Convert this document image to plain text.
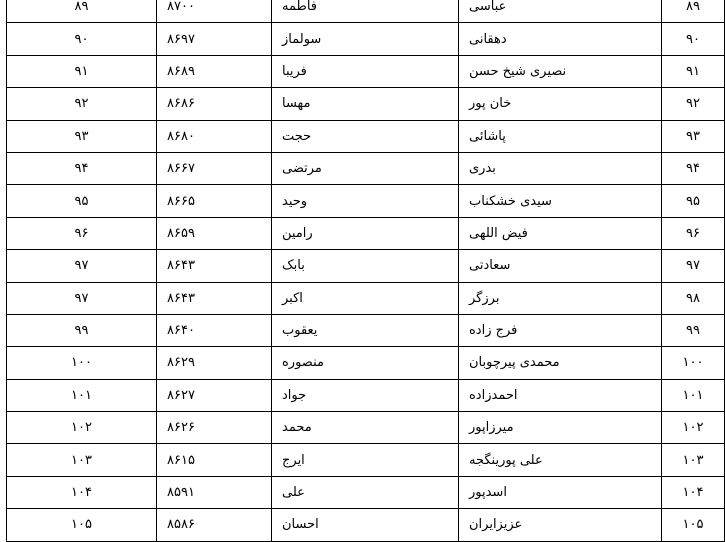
۸۹	عباسی	فاطمه	۸۷۰۰	۸۹
۹۰	دهقانی	سولماز	۸۶۹۷	۹۰
۹۱	نصیری شیخ حسن	فریبا	۸۶۸۹	۹۱
۹۲	خان پور	مهسا	۸۶۸۶	۹۲
۹۳	پاشائی	حجت	۸۶۸۰	۹۳
۹۴	بدری	مرتضی	۸۶۶۷	۹۴
۹۵	سیدی خشکناب	وحید	۸۶۶۵	۹۵
۹۶	فیض اللهی	رامین	۸۶۵۹	۹۶
۹۷	سعادتی	بابک	۸۶۴۳	۹۷
۹۸	برزگر	اکبر	۸۶۴۳	۹۷
۹۹	فرج زاده	یعقوب	۸۶۴۰	۹۹
۱۰۰	محمدی پیرچوبان	منصوره	۸۶۲۹	۱۰۰
۱۰۱	احمدزاده	جواد	۸۶۲۷	۱۰۱
۱۰۲	میرزاپور	محمد	۸۶۲۶	۱۰۲
۱۰۳	علی پورینگجه	ایرج	۸۶۱۵	۱۰۳
۱۰۴	اسدپور	علی	۸۵۹۱	۱۰۴
۱۰۵	عزیزایران	احسان	۸۵۸۶	۱۰۵
